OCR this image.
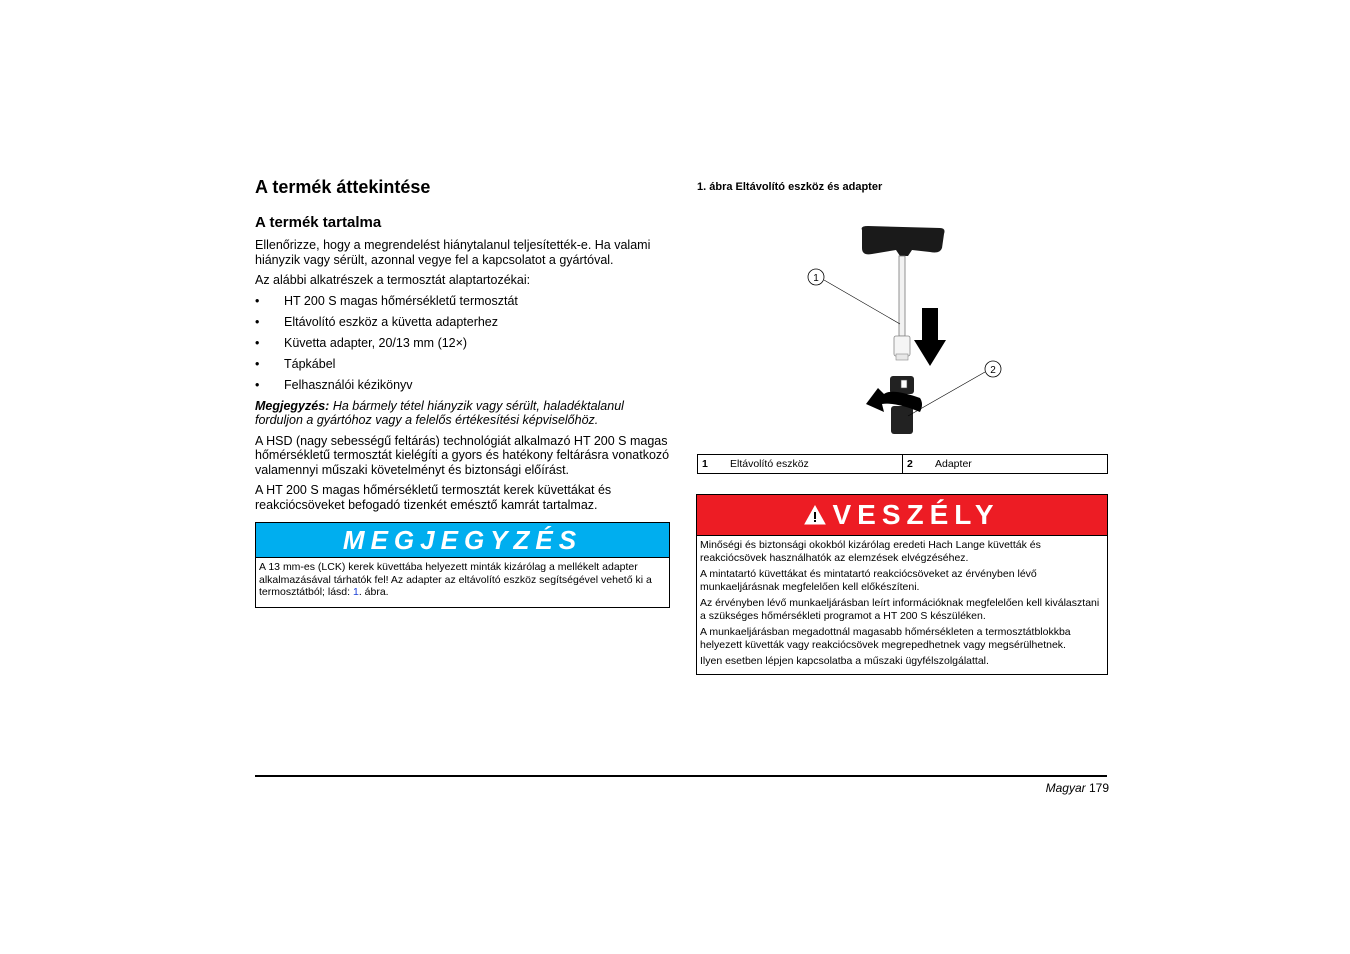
A termék áttekintése
A termék tartalma

Ellenőrizze, hogy a megrendelést hiánytalanul teljesítették-e. Ha valami hiányzik vagy sérült, azonnal vegye fel a kapcsolatot a gyártóval.

Az alábbi alkatrészek a termosztát alaptartozékai:

• HT 200 S magas hőmérsékletű termosztát
• Eltávolító eszköz a küvetta adapterhez
• Küvetta adapter, 20/13 mm (12×)
• Tápkábel
• Felhasználói kézikönyv

Megjegyzés: Ha bármely tétel hiányzik vagy sérült, haladéktalanul forduljon a gyártóhoz vagy a felelős értékesítési képviselőhöz.

A HSD (nagy sebességű feltárás) technológiát alkalmazó HT 200 S magas hőmérsékletű termosztát kielégíti a gyors és hatékony feltárásra vonatkozó valamennyi műszaki követelményt és biztonsági előírást.

A HT 200 S magas hőmérsékletű termosztát kerek küvettákat és reakciócsöveket befogadó tizenkét emésztő kamrát tartalmaz.

MEGJEGYZÉS
A 13 mm-es (LCK) kerek küvettába helyezett minták kizárólag a mellékelt adapter alkalmazásával tárhatók fel! Az adapter az eltávolító eszköz segítségével vehető ki a termosztátból; lásd: 1. ábra.
1. ábra Eltávolító eszköz és adapter
1
2
1	Eltávolító eszköz	2	Adapter
VESZÉLY

Minőségi és biztonsági okokból kizárólag eredeti Hach Lange küvetták és reakciócsövek használhatók az elemzések elvégzéséhez.

A mintatartó küvettákat és mintatartó reakciócsöveket az érvényben lévő munkaeljárásnak megfelelően kell előkészíteni.

Az érvényben lévő munkaeljárásban leírt információknak megfelelően kell kiválasztani a szükséges hőmérsékleti programot a HT 200 S készüléken.

A munkaeljárásban megadottnál magasabb hőmérsékleten a termosztátblokkba helyezett küvetták vagy reakciócsövek megrepedhetnek vagy megsérülhetnek.

Ilyen esetben lépjen kapcsolatba a műszaki ügyfélszolgálattal.

Magyar 179
